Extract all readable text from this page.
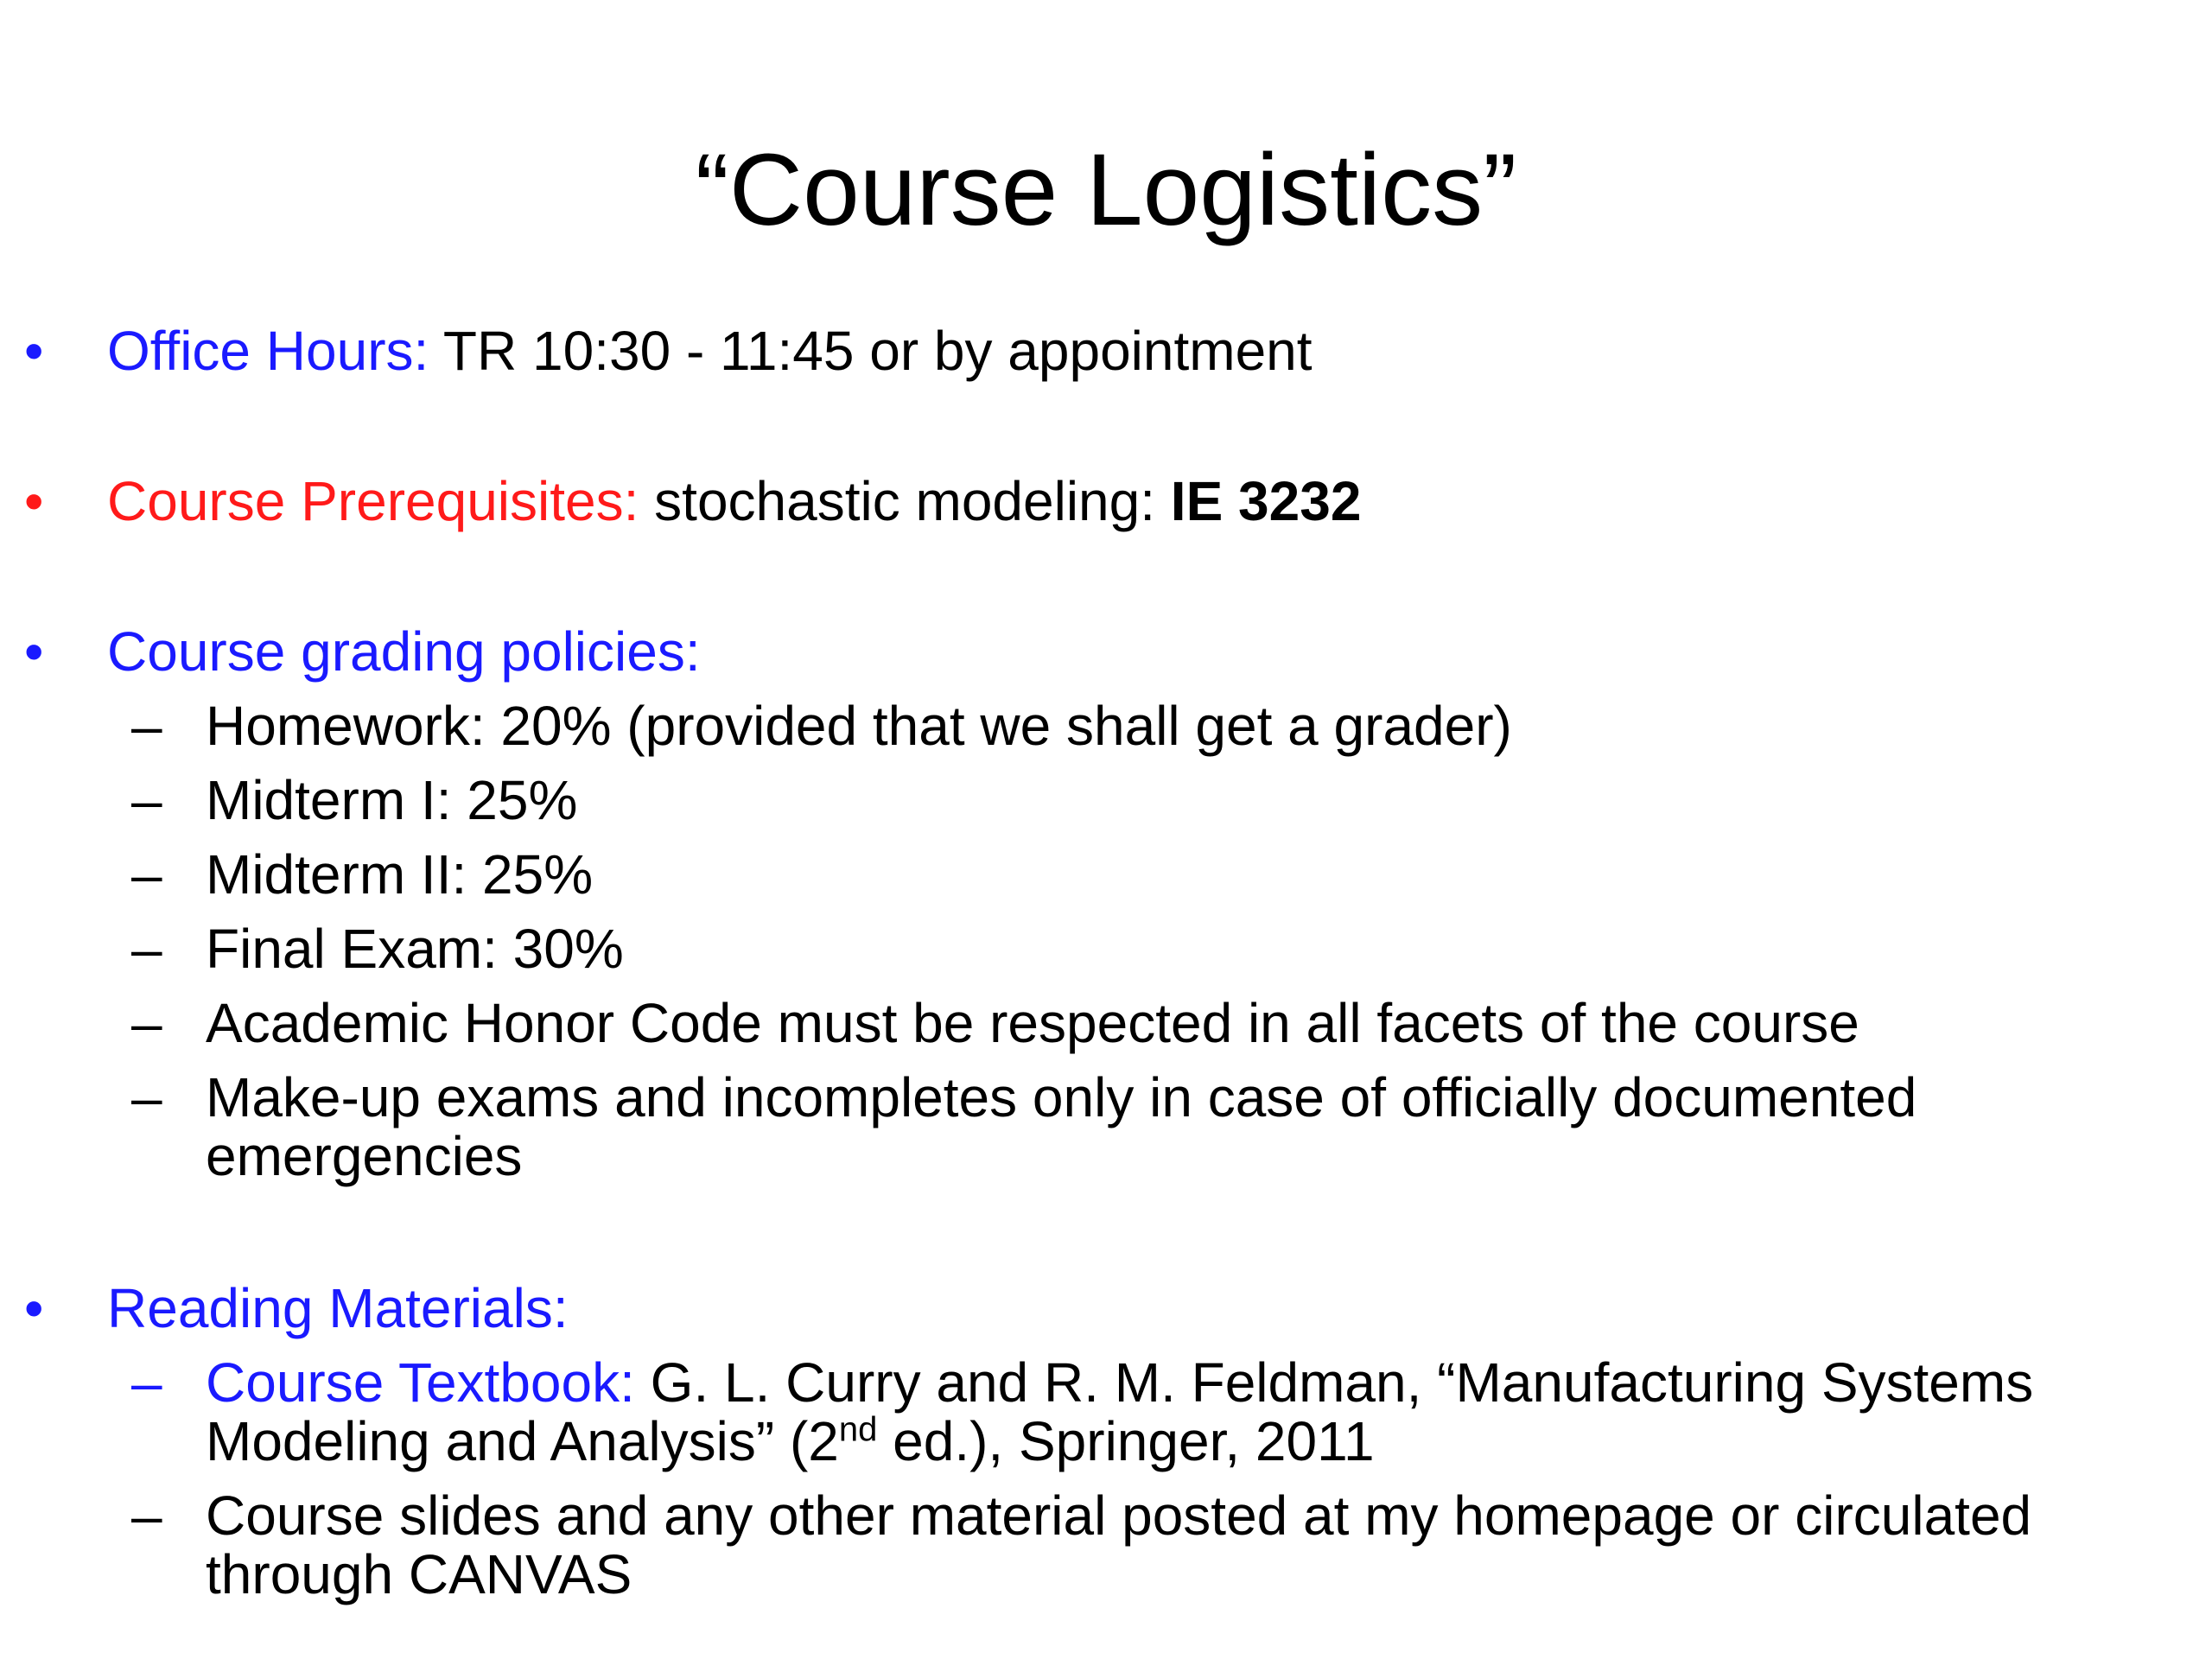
“Course Logistics”
• Office Hours: TR 10:30 - 11:45 or by appointment
• Course Prerequisites: stochastic modeling: IE 3232
• Course grading policies:
– Homework: 20% (provided that we shall get a grader)
– Midterm I: 25%
– Midterm II: 25%
– Final Exam: 30%
– Academic Honor Code must be respected in all facets of the course
– Make-up exams and incompletes only in case of officially documented
emergencies
• Reading Materials:
– Course Textbook: G. L. Curry and R. M. Feldman, “Manufacturing Systems
Modeling and Analysis” (2nd ed.), Springer, 2011
– Course slides and any other material posted at my homepage or circulated
through CANVAS
